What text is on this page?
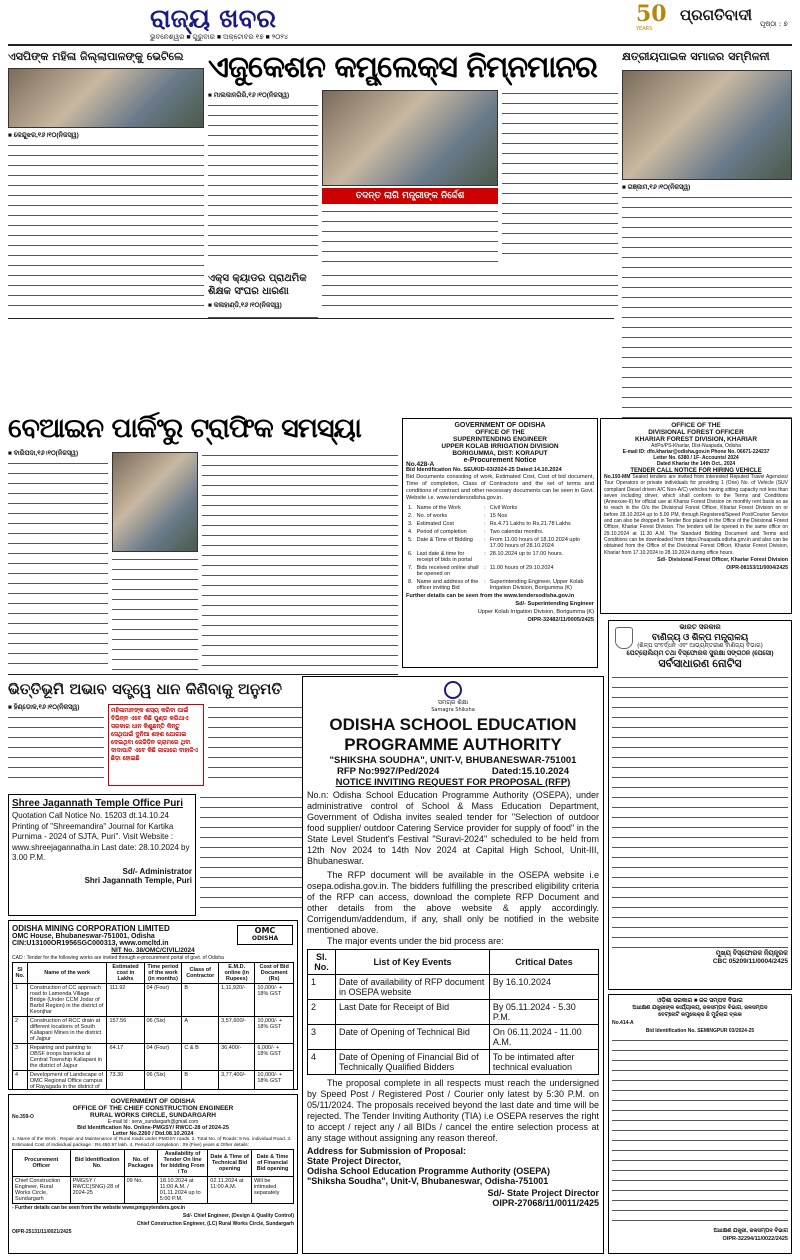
ରାଜ୍ୟ ଖବର
ଭୁବନେଶ୍ୱର ■ ଗୁରୁବାର ■ ଅକ୍ଟୋବର ୧୭ ■ ୨୦୨୪
50
YEARS
ପ୍ରଗତିବାଦୀ	ପୃଷ୍ଠା : ୭
ଏସପିଙ୍କ ମହିଳା ଜିଲ୍ଲାପାଳଙ୍କୁ ଭେଟିଲେ
■ କେନ୍ଦୁଝର,୧୬।୧୦(ନିଜସ୍ୱ)
ଏଜୁକେଶନ କମ୍ପ୍ଲେକ୍ସ ନିମ୍ନମାନର
■ ମାଲକାନଗିରି,୧୬।୧୦(ନିଜସ୍ୱ)
ତଦନ୍ତ ଲାଗି ମନ୍ତ୍ରୀଙ୍କ ନିର୍ଦ୍ଦେଶ
କ୍ଷତ୍ରୀୟପାଇକ ସମାଜର ସମ୍ମିଳନୀ
■ ଗଞ୍ଜାମ,୧୬।୧୦(ନିଜସ୍ୱ)
ଏକ୍ସ କ୍ୟାଡର ପ୍ରାଥମିକ ଶିକ୍ଷକ ସଂଘର ଧାରଣା
■ କଳାହାଣ୍ଡି,୧୬।୧୦(ନିଜସ୍ୱ)
ବେଆଇନ ପାର୍କିଂରୁ ଟ୍ରାଫିକ ସମସ୍ୟା
■ ବାରିପଦା,୧୬।୧୦(ନିଜସ୍ୱ)
No.428-A
GOVERNMENT OF ODISHA
OFFICE OF THE
SUPERINTENDING ENGINEER
UPPER KOLAB IRRIGATION DIVISION
BORIGUMMA, DIST: KORAPUT
e-Procurement Notice
Bid Identification No. SEUKID-03/2024-25 Dated:14.10.2024
Bid Documents consisting of work, Estimated Cost, Cost of bid document, Time of completion, Class of Contractors and the set of terms and conditions of contract and other necessary documents can be seen in Govt. Website i.e. www.tendersodisha.gov.in.
1.	Name of the Work	:	Civil Works
2.	No. of works	:	15 Nos
3.	Estimated Cost	:	Rs.4.71 Lakhs to Rs.21.78 Lakhs
4.	Period of completion	:	Two calendar months.
5.	Date & Time of Bidding	:	From 11.00 hours of 18.10.2024 upto 17.00 hours of 28.10.2024
6.	Last date & time for receipt of bids in portal	:	28.10.2024 up to 17.00 hours.
7.	Bids received online shall be opened on	:	11.00 hours of 29.10.2024
8.	Name and address of the officer inviting Bid	:	Superintending Engineer, Upper Kolab Irrigation Division, Borigumma (K)
Further details can be seen from the www.tendersodisha.gov.in
Sd/- Superintending Engineer
Upper Kolab Irrigation Division, Borigumma (K)
OIPR-32482/11/0005/2425
OFFICE OF THE
DIVISIONAL FOREST OFFICER
KHARIAR FOREST DIVISION, KHARIAR
At/Po/PS-Khariar, Dist-Nuapada, Odisha
E-mail ID: dfo.khariar@odisha.gov.in Phone No. 06671-224237
Letter No. 6380 / 1F- Accounts/ 2024
Dated Khariar the 14th Oct., 2024
TENDER CALL NOTICE FOR HIRING VEHICLE
No.193-MM Sealed tenders are invited from interested Reputed Travel Agencies/ Tour Operators or private individuals for providing 1 (One) No. of Vehicle (SUV compliant Diesel driven A/C Non-A/C) vehicles having sitting capacity not less than seven including driver, which shall conform to the Terms and Conditions (Annexure-II) for official use at Khariar Forest Division on monthly rent basis so as to reach in the O/o the Divisional Forest Officer, Khariar Forest Division on or before 28.10.2024 up to 5.00 PM, through Registered/Speed Post/Courier Service and can also be dropped in Tender Box placed in the Office of the Divisional Forest Officer, Khariar Forest Division. The tenders will be opened in the same office on 29.10.2024 at 11.30 A.M. The Standard Bidding Document and Terms and Conditions can be downloaded from https://nuapada.odisha.gov.in and also can be obtained from the Office of the Divisional Forest Officer, Khariar Forest Division, Khariar from 17.10.2024 to 28.10.2024 during office hours.
Sd/- Divisional Forest Officer, Khariar Forest Division
OIPR-08153/11/0004/2425
ଭିତ୍ତିଭୂମି ଅଭାବ ସତ୍ତ୍ୱେ ଧାନ କିଣିବାକୁ ଅନୁମତି
■ ହିଣ୍ଡୋଳ,୧୬।୧୦(ନିଜସ୍ୱ)	ମହିଳାମାନଙ୍କ ଶସ୍ୟ କରିବା ପାଇଁ ବିଭିନ୍ନ ଏବେ କିଛି ପୁଣ୍ଡ କରିଥାଏ ସରକାର ଧାନ କିଣୁଛନ୍ତି କିନ୍ତୁ ସେଥିପାଇଁ ଦୁନିଆ ଶହଶ ଯୋଗାଇ ଦେଇଥିବା ଜେଜିଡ଼ିନ ଗ୍ରାମରେ ଥିବା ଦାଦାପାଟି ଏବେ କିଛି ଜାଗାରେ ବାହାଳିଏ ଛିଡ଼ା ହୋଇଛି
Shree Jagannath Temple Office Puri
Quotation Call Notice No. 15203 dt.14.10.24 Printing of "Shreemandira" Journal for Kartika Purnima - 2024 of SJTA, Puri". Visit Website : www.shreejagannatha.in Last date: 28.10.2024 by 3.00 P.M.
Sd/- Administrator
Shri Jagannath Temple, Puri
ODISHA MINING CORPORATION LIMITED
OMC House, Bhubaneswar-751001, Odisha
CIN:U13100OR1956SGC000313, www.omcltd.in
OMC
ODISHA
NIT No. 38/OMC/CIVIL/2024
CAD : Tender for the following works are invited through e-procurement portal of govt. of Odisha
Sl No.	Name of the work	Estimated cost in Lakhs	Time period of the work (in months)	Class of Contractor	E.M.D. online (in Rupees)	Cost of Bid Document (Rs)
1	Construction of CC approach road to Lamenda Village Bridge (Under CCM Jodar of Barbil Region) in the district of Keonjhar	111.92	04 (Four)	B	1,11,920/-	10,000/- + 18% GST
2	Construction of RCC drain at different locations of South Kaliapani Mines in the district of Jajpur	157.56	06 (Six)	A	3,57,600/-	10,000/- + 18% GST
3	Repairing and painting to OBSF troops barracks at Central Township Kaliapani in the district of Jajpur	64.17	04 (Four)	C & B	36,400/-	6,000/- + 18% GST
4	Development of Landscape of OMC Regional Office campus of Rayagada in the district of	73.30	06 (Six)	B	3,77,400/-	10,000/- + 18% GST
No.359-O
GOVERNMENT OF ODISHA
OFFICE OF THE CHIEF CONSTRUCTION ENGINEER
RURAL WORKS CIRCLE, SUNDARGARH
E-mail Id : serw_sundargarh@gmail.com
Bid Identification No. Online-PMGSY/ RWCC-28 of 2024-25
Letter No.2260 / Dtd.08.10.2024
1. Name of the Work : Repair and Maintenance of Rural roads under PMGSY roads. 2. Total No. of Roads: 9 No. individual Road. 3. Estimated Cost of Individual package : Rs.450.97 lakh. 4. Period of completion : 09 (Five) years & Other details:
Procurement Officer	Bid Identification No.	No. of Packages	Availability of Tender On line for bidding From / To	Date & Time of Technical Bid opening	Date & Time of Financial Bid opening
Chief Construction Engineer, Rural Works Circle, Sundargarh	PMGSY / RWCC(SNG)-28 of 2024-25	09 No.	18.10.2024 at 11:00 A.M. / 01.11.2024 up to 5:00 P.M.	02.11.2024 at 11:00 A.M.	Will be intimated separately
- Further details can be seen from the website www.pmgsytenders.gov.in
Sd/- Chief Engineer, (Design & Quality Control)
Chief Construction Engineer, (LC) Rural Works Circle, Sundargarh
OIPR-25131/11/0021/2425
ସମଗ୍ର ଶିକ୍ଷା
Samagra Shiksha
ODISHA SCHOOL EDUCATION
PROGRAMME AUTHORITY
"SHIKSHA SOUDHA", UNIT-V, BHUBANESWAR-751001
RFP No:9927/Ped/2024	Dated:15.10.2024
NOTICE INVITING REQUEST FOR PROPOSAL (RFP)
No.n: Odisha School Education Programme Authority (OSEPA), under administrative control of School & Mass Education Department, Government of Odisha invites sealed tender for "Selection of outdoor food supplier/ outdoor Catering Service provider for supply of food" in the State Level Student's Festival "Suravi-2024" scheduled to be held from 12th Nov 2024 to 14th Nov 2024 at Capital High School, Unit-III, Bhubaneswar.
The RFP document will be available in the OSEPA website i.e osepa.odisha.gov.in. The bidders fulfilling the prescribed eligibility criteria of the RFP can access, download the complete RFP Document and other details from the above website & apply accordingly. Corrigendum/addendum, if any, shall only be notified in the website mentioned above.
The major events under the bid process are:
Sl. No.	List of Key Events	Critical Dates
1	Date of availability of RFP document in OSEPA website	By 16.10.2024
2	Last Date for Receipt of Bid	By 05.11.2024 - 5.30 P.M.
3	Date of Opening of Technical Bid	On 06.11.2024 - 11.00 A.M.
4	Date of Opening of Financial Bid of Technically Qualified Bidders	To be intimated after technical evaluation
The proposal complete in all respects must reach the undersigned by Speed Post / Registered Post / Courier only latest by 5:30 P.M. on 05/11/2024. The proposals received beyond the last date and time will be rejected. The Tender Inviting Authority (TIA) i.e OSEPA reserves the right to accept / reject any / all BIDs / cancel the entire selection process at any stage without assigning any reason thereof.
Address for Submission of Proposal:
State Project Director,
Odisha School Education Programme Authority (OSEPA)
"Shiksha Soudha", Unit-V, Bhubaneswar, Odisha-751001
Sd/- State Project Director
OIPR-27068/11/0011/2425
ଭାରତ ସରକାର
ବାଣିଜ୍ୟ ଓ ଶିଳ୍ପ ମନ୍ତ୍ରାଳୟ
(ଶିଳ୍ପ ସଂବର୍ଦ୍ଧନ ଏବଂ ଆଭ୍ୟନ୍ତରୀଣ ବାଣିଜ୍ୟ ବିଭାଗ)
ପେଟ୍ରୋଲିୟମ ତଥା ବିସ୍ଫୋରକ ସୁରକ୍ଷା ସଙ୍ଗଠନ (ପେସୋ)
ସର୍ବସାଧାରଣ ନୋଟିସ
ମୁଖ୍ୟ ବିସ୍ଫୋରକ ନିୟନ୍ତ୍ରକ
CBC 05209/11/0004/2425
ଓଡ଼ିଶା ସରକାର ■ ଜଳ ସମ୍ପଦ ବିଭାଗ
ଅଧୀକ୍ଷଣ ଯନ୍ତ୍ରୀଙ୍କ କାର୍ଯ୍ୟାଳୟ, ଜଳସମ୍ପଦ ବିଭାଗ, ଜଳସମ୍ପଦ
ବେଟ୍ନୋଟି କମ୍ପ୍ଲେକ୍ସ ଜି ମୁହଁଲାଗ ବ୍ଲକ
No.414-A
Bid Identification No. SEMINGPUR 03/2024-25
ଅଧୀକ୍ଷଣ ଯନ୍ତ୍ରୀ, ଜଳସମ୍ପଦ ବିଭାଗ
OIPR-32294/11/0022/2425
